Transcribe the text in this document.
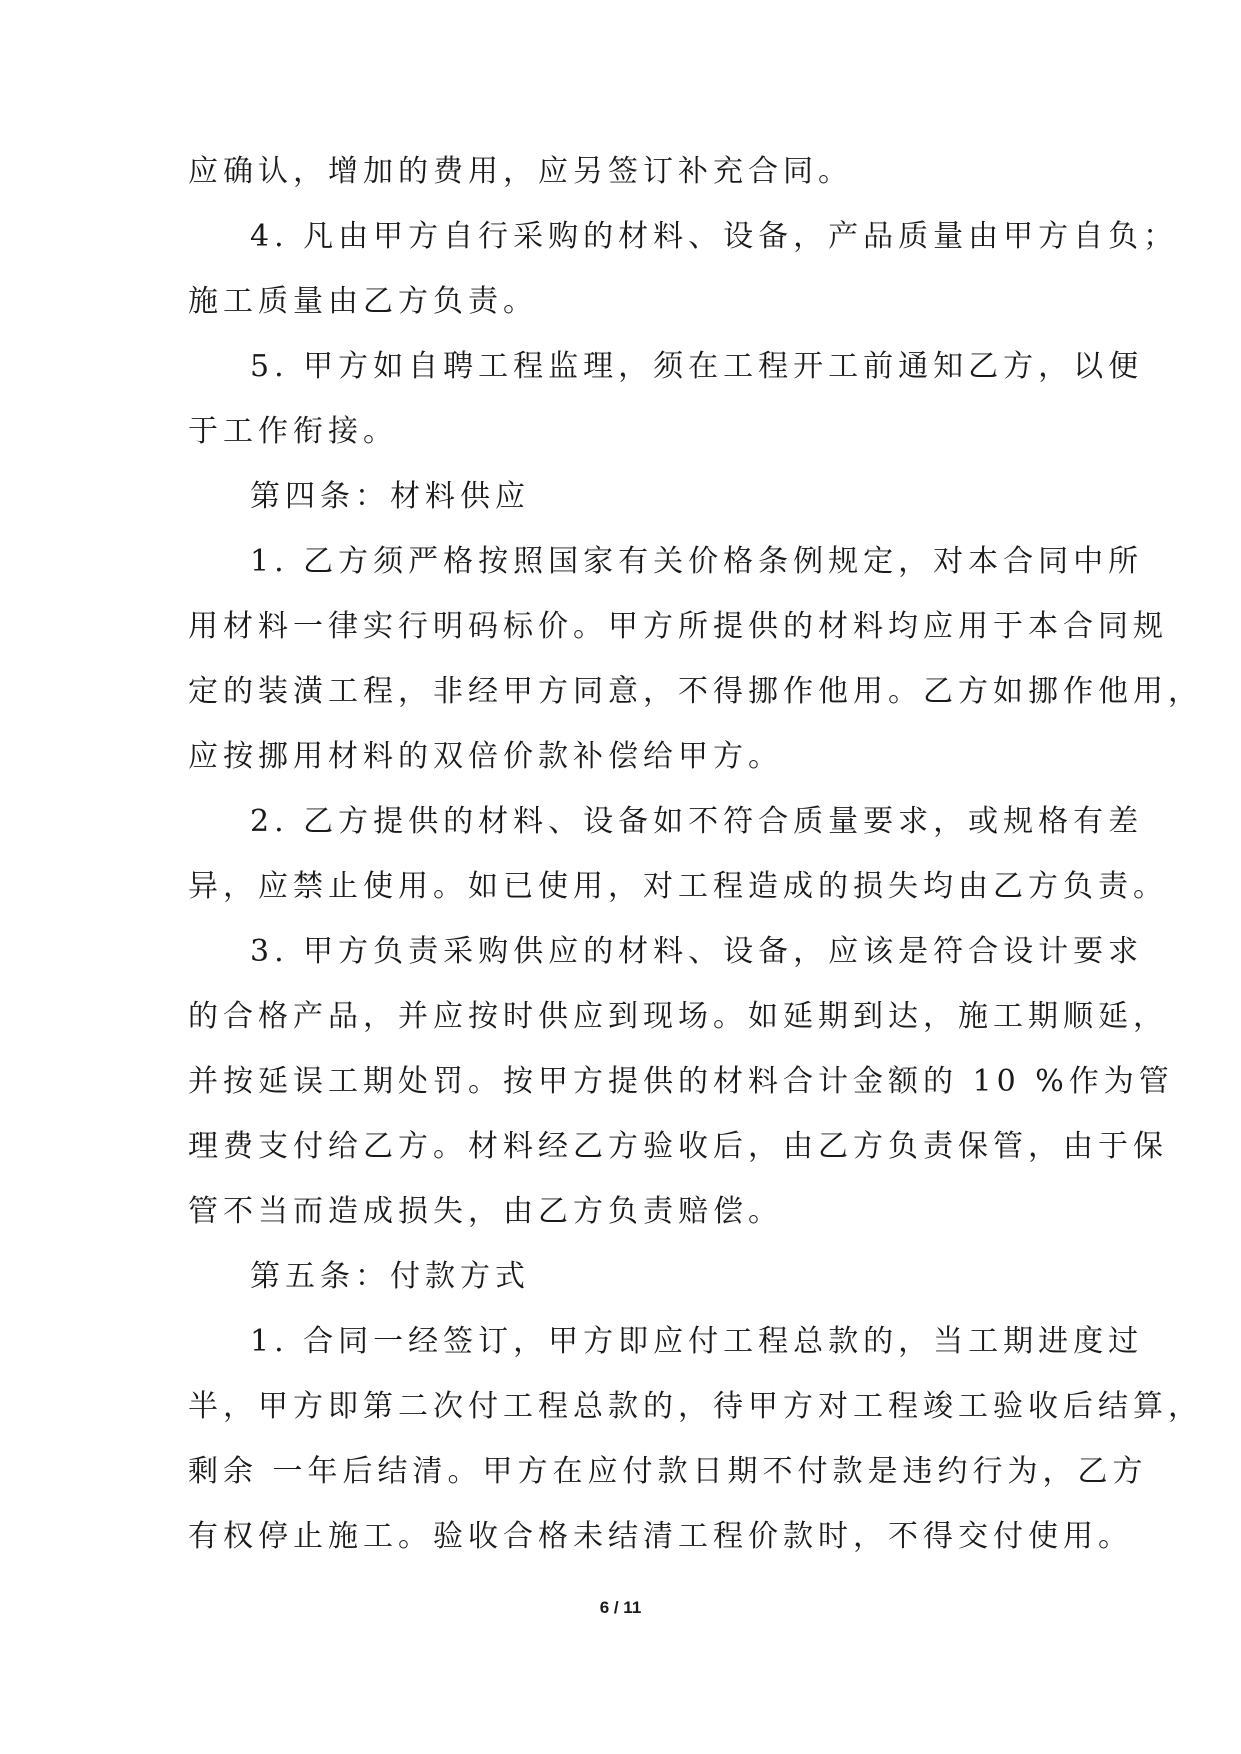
应确认，增加的费用，应另签订补充合同。

4. 凡由甲方自行采购的材料、设备，产品质量由甲方自负；

施工质量由乙方负责。

5. 甲方如自聘工程监理，须在工程开工前通知乙方，以便

于工作衔接。

第四条：材料供应

1. 乙方须严格按照国家有关价格条例规定，对本合同中所

用材料一律实行明码标价。甲方所提供的材料均应用于本合同规

定的装潢工程，非经甲方同意，不得挪作他用。乙方如挪作他用，

应按挪用材料的双倍价款补偿给甲方。

2. 乙方提供的材料、设备如不符合质量要求，或规格有差

异，应禁止使用。如已使用，对工程造成的损失均由乙方负责。

3. 甲方负责采购供应的材料、设备，应该是符合设计要求

的合格产品，并应按时供应到现场。如延期到达，施工期顺延，

并按延误工期处罚。按甲方提供的材料合计金额的 10 %作为管

理费支付给乙方。材料经乙方验收后，由乙方负责保管，由于保

管不当而造成损失，由乙方负责赔偿。

第五条：付款方式

1. 合同一经签订，甲方即应付工程总款的，当工期进度过

半，甲方即第二次付工程总款的，待甲方对工程竣工验收后结算，

剩余 一年后结清。甲方在应付款日期不付款是违约行为，乙方

有权停止施工。验收合格未结清工程价款时，不得交付使用。

6 / 11
